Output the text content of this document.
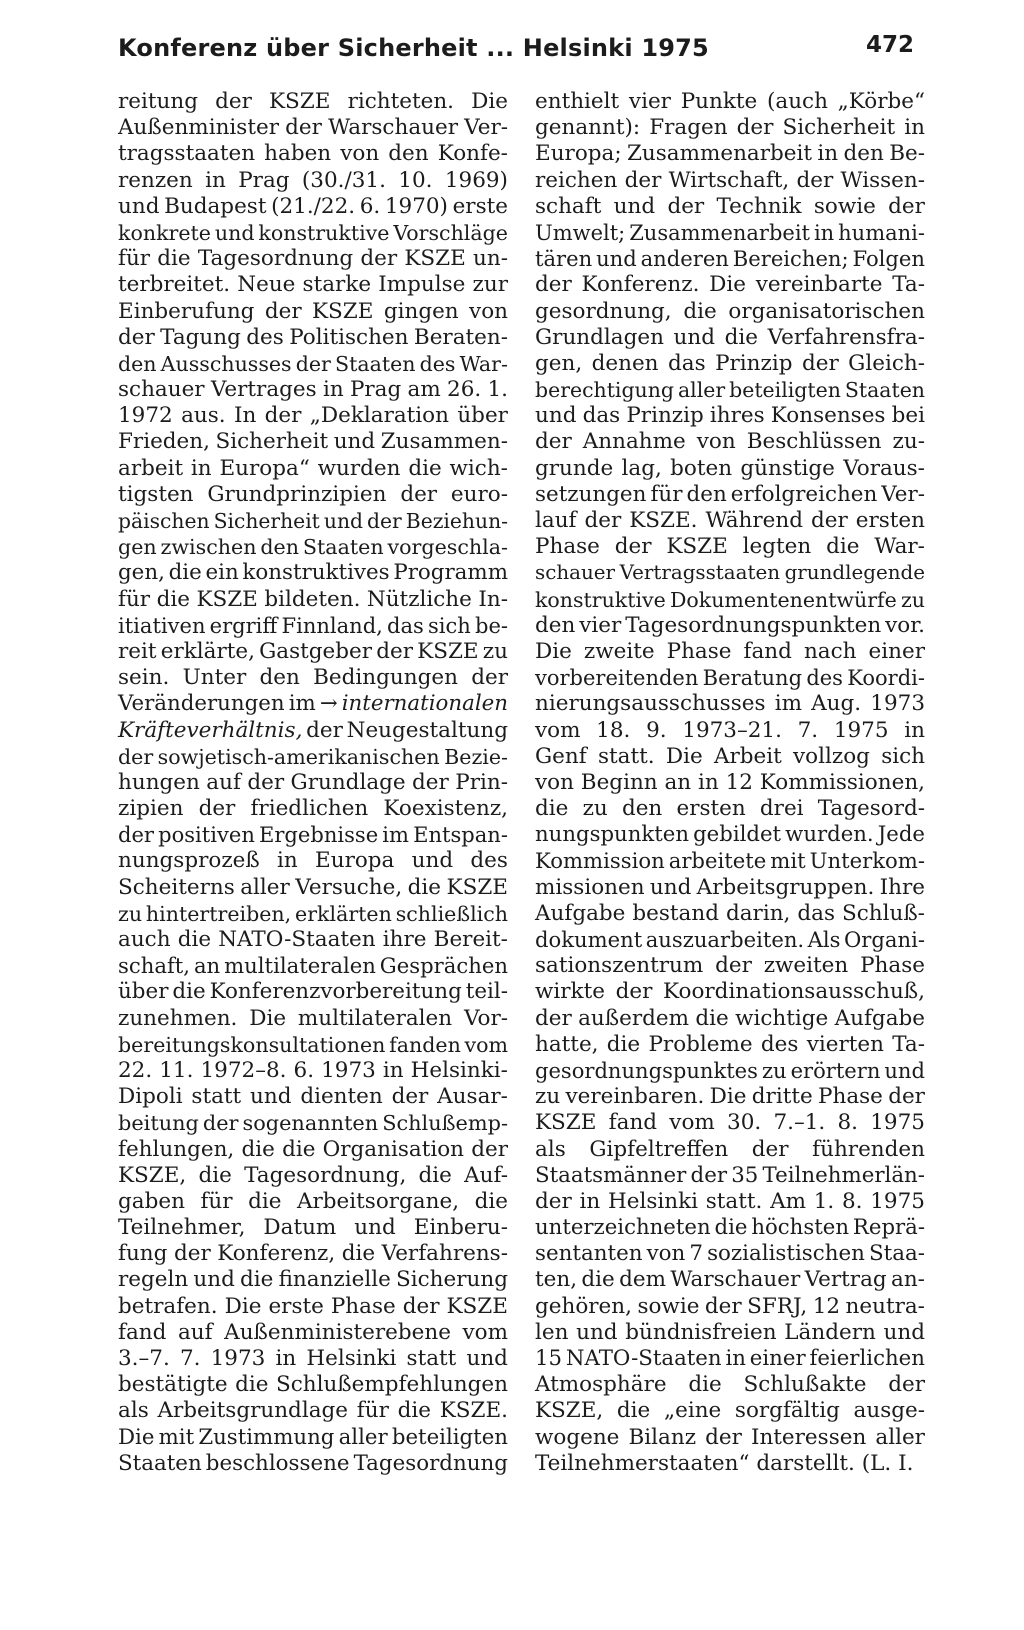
Konferenz über Sicherheit ... Helsinki 1975	472
reitung der KSZE richteten. Die
Außenminister der Warschauer Ver-
tragsstaaten haben von den Konfe-
renzen in Prag (30./31. 10. 1969)
und Budapest (21./22. 6. 1970) erste
konkrete und konstruktive Vorschläge
für die Tagesordnung der KSZE un-
terbreitet. Neue starke Impulse zur
Einberufung der KSZE gingen von
der Tagung des Politischen Beraten-
den Ausschusses der Staaten des War-
schauer Vertrages in Prag am 26. 1.
1972 aus. In der „Deklaration über
Frieden, Sicherheit und Zusammen-
arbeit in Europa“ wurden die wich-
tigsten Grundprinzipien der euro-
päischen Sicherheit und der Beziehun-
gen zwischen den Staaten vorgeschla-
gen, die ein konstruktives Programm
für die KSZE bildeten. Nützliche In-
itiativen ergriff Finnland, das sich be-
reit erklärte, Gastgeber der KSZE zu
sein. Unter den Bedingungen der
Veränderungen im → internationalen
Kräfteverhältnis, der Neugestaltung
der sowjetisch-amerikanischen Bezie-
hungen auf der Grundlage der Prin-
zipien der friedlichen Koexistenz,
der positiven Ergebnisse im Entspan-
nungsprozeß in Europa und des
Scheiterns aller Versuche, die KSZE
zu hintertreiben, erklärten schließlich
auch die NATO-Staaten ihre Bereit-
schaft, an multilateralen Gesprächen
über die Konferenzvorbereitung teil-
zunehmen. Die multilateralen Vor-
bereitungskonsultationen fanden vom
22. 11. 1972–8. 6. 1973 in Helsinki-
Dipoli statt und dienten der Ausar-
beitung der sogenannten Schlußemp-
fehlungen, die die Organisation der
KSZE, die Tagesordnung, die Auf-
gaben für die Arbeitsorgane, die
Teilnehmer, Datum und Einberu-
fung der Konferenz, die Verfahrens-
regeln und die finanzielle Sicherung
betrafen. Die erste Phase der KSZE
fand auf Außenministerebene vom
3.–7. 7. 1973 in Helsinki statt und
bestätigte die Schlußempfehlungen
als Arbeitsgrundlage für die KSZE.
Die mit Zustimmung aller beteiligten
Staaten beschlossene Tagesordnung
enthielt vier Punkte (auch „Körbe“
genannt): Fragen der Sicherheit in
Europa; Zusammenarbeit in den Be-
reichen der Wirtschaft, der Wissen-
schaft und der Technik sowie der
Umwelt; Zusammenarbeit in humani-
tären und anderen Bereichen; Folgen
der Konferenz. Die vereinbarte Ta-
gesordnung, die organisatorischen
Grundlagen und die Verfahrensfra-
gen, denen das Prinzip der Gleich-
berechtigung aller beteiligten Staaten
und das Prinzip ihres Konsenses bei
der Annahme von Beschlüssen zu-
grunde lag, boten günstige Voraus-
setzungen für den erfolgreichen Ver-
lauf der KSZE. Während der ersten
Phase der KSZE legten die War-
schauer Vertragsstaaten grundlegende
konstruktive Dokumentenentwürfe zu
den vier Tagesordnungspunkten vor.
Die zweite Phase fand nach einer
vorbereitenden Beratung des Koordi-
nierungsausschusses im Aug. 1973
vom 18. 9. 1973–21. 7. 1975 in
Genf statt. Die Arbeit vollzog sich
von Beginn an in 12 Kommissionen,
die zu den ersten drei Tagesord-
nungspunkten gebildet wurden. Jede
Kommission arbeitete mit Unterkom-
missionen und Arbeitsgruppen. Ihre
Aufgabe bestand darin, das Schluß-
dokument auszuarbeiten. Als Organi-
sationszentrum der zweiten Phase
wirkte der Koordinationsausschuß,
der außerdem die wichtige Aufgabe
hatte, die Probleme des vierten Ta-
gesordnungspunktes zu erörtern und
zu vereinbaren. Die dritte Phase der
KSZE fand vom 30. 7.–1. 8. 1975
als Gipfeltreffen der führenden
Staatsmänner der 35 Teilnehmerlän-
der in Helsinki statt. Am 1. 8. 1975
unterzeichneten die höchsten Reprä-
sentanten von 7 sozialistischen Staa-
ten, die dem Warschauer Vertrag an-
gehören, sowie der SFRJ, 12 neutra-
len und bündnisfreien Ländern und
15 NATO-Staaten in einer feierlichen
Atmosphäre die Schlußakte der
KSZE, die „eine sorgfältig ausge-
wogene Bilanz der Interessen aller
Teilnehmerstaaten“ darstellt. (L. I.
